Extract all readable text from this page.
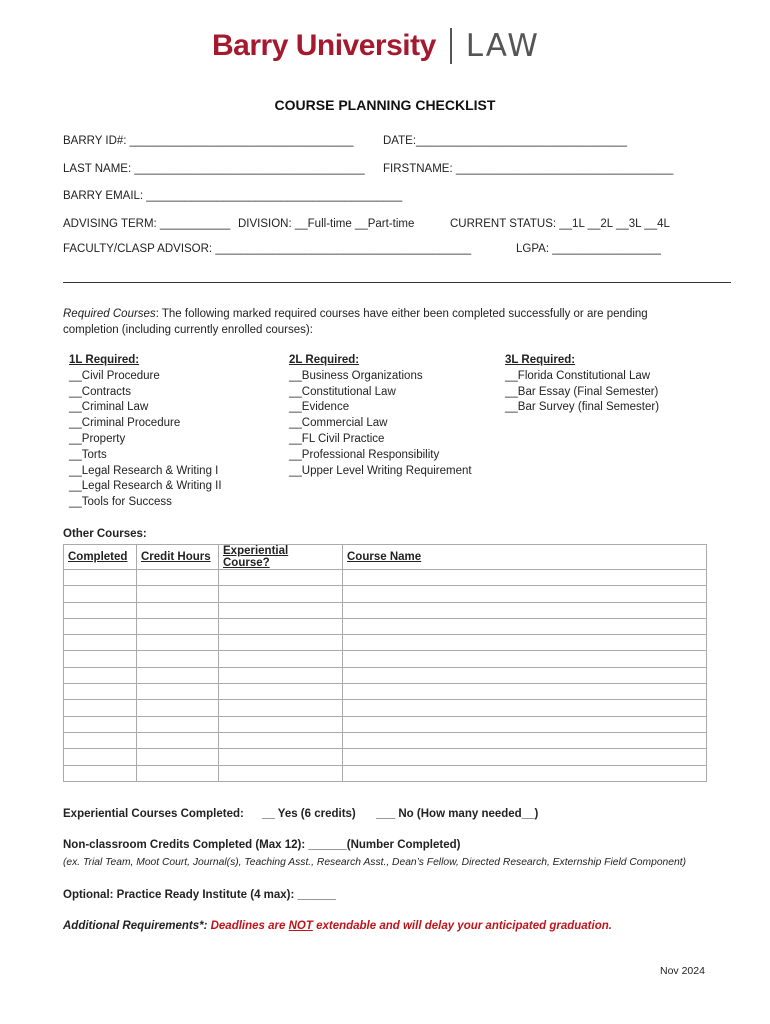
Barry University LAW
COURSE PLANNING CHECKLIST
BARRY ID#: ___________________________________	DATE:_________________________________
LAST NAME: ____________________________________ FIRSTNAME: __________________________________
BARRY EMAIL: ________________________________________
ADVISING TERM: ___________ DIVISION: __Full-time __Part-time	CURRENT STATUS: __1L __2L __3L __4L
FACULTY/CLASP ADVISOR: ________________________________________	LGPA: _________________
Required Courses: The following marked required courses have either been completed successfully or are pending completion (including currently enrolled courses):
1L Required:
__Civil Procedure
__Contracts
__Criminal Law
__Criminal Procedure
__Property
__Torts
__Legal Research & Writing I
__Legal Research & Writing II
__Tools for Success
2L Required:
__Business Organizations
__Constitutional Law
__Evidence
__Commercial Law
__FL Civil Practice
__Professional Responsibility
__Upper Level Writing Requirement
3L Required:
__Florida Constitutional Law
__Bar Essay (Final Semester)
__Bar Survey (final Semester)
Other Courses:
Completed	Credit Hours	Experiential Course?	Course Name

Experiential Courses Completed: __ Yes (6 credits) ___ No (How many needed__)
Non-classroom Credits Completed (Max 12): ______(Number Completed)
(ex. Trial Team, Moot Court, Journal(s), Teaching Asst., Research Asst., Dean’s Fellow, Directed Research, Externship Field Component)
Optional: Practice Ready Institute (4 max): ______
Additional Requirements*: Deadlines are NOT extendable and will delay your anticipated graduation.
Nov 2024
